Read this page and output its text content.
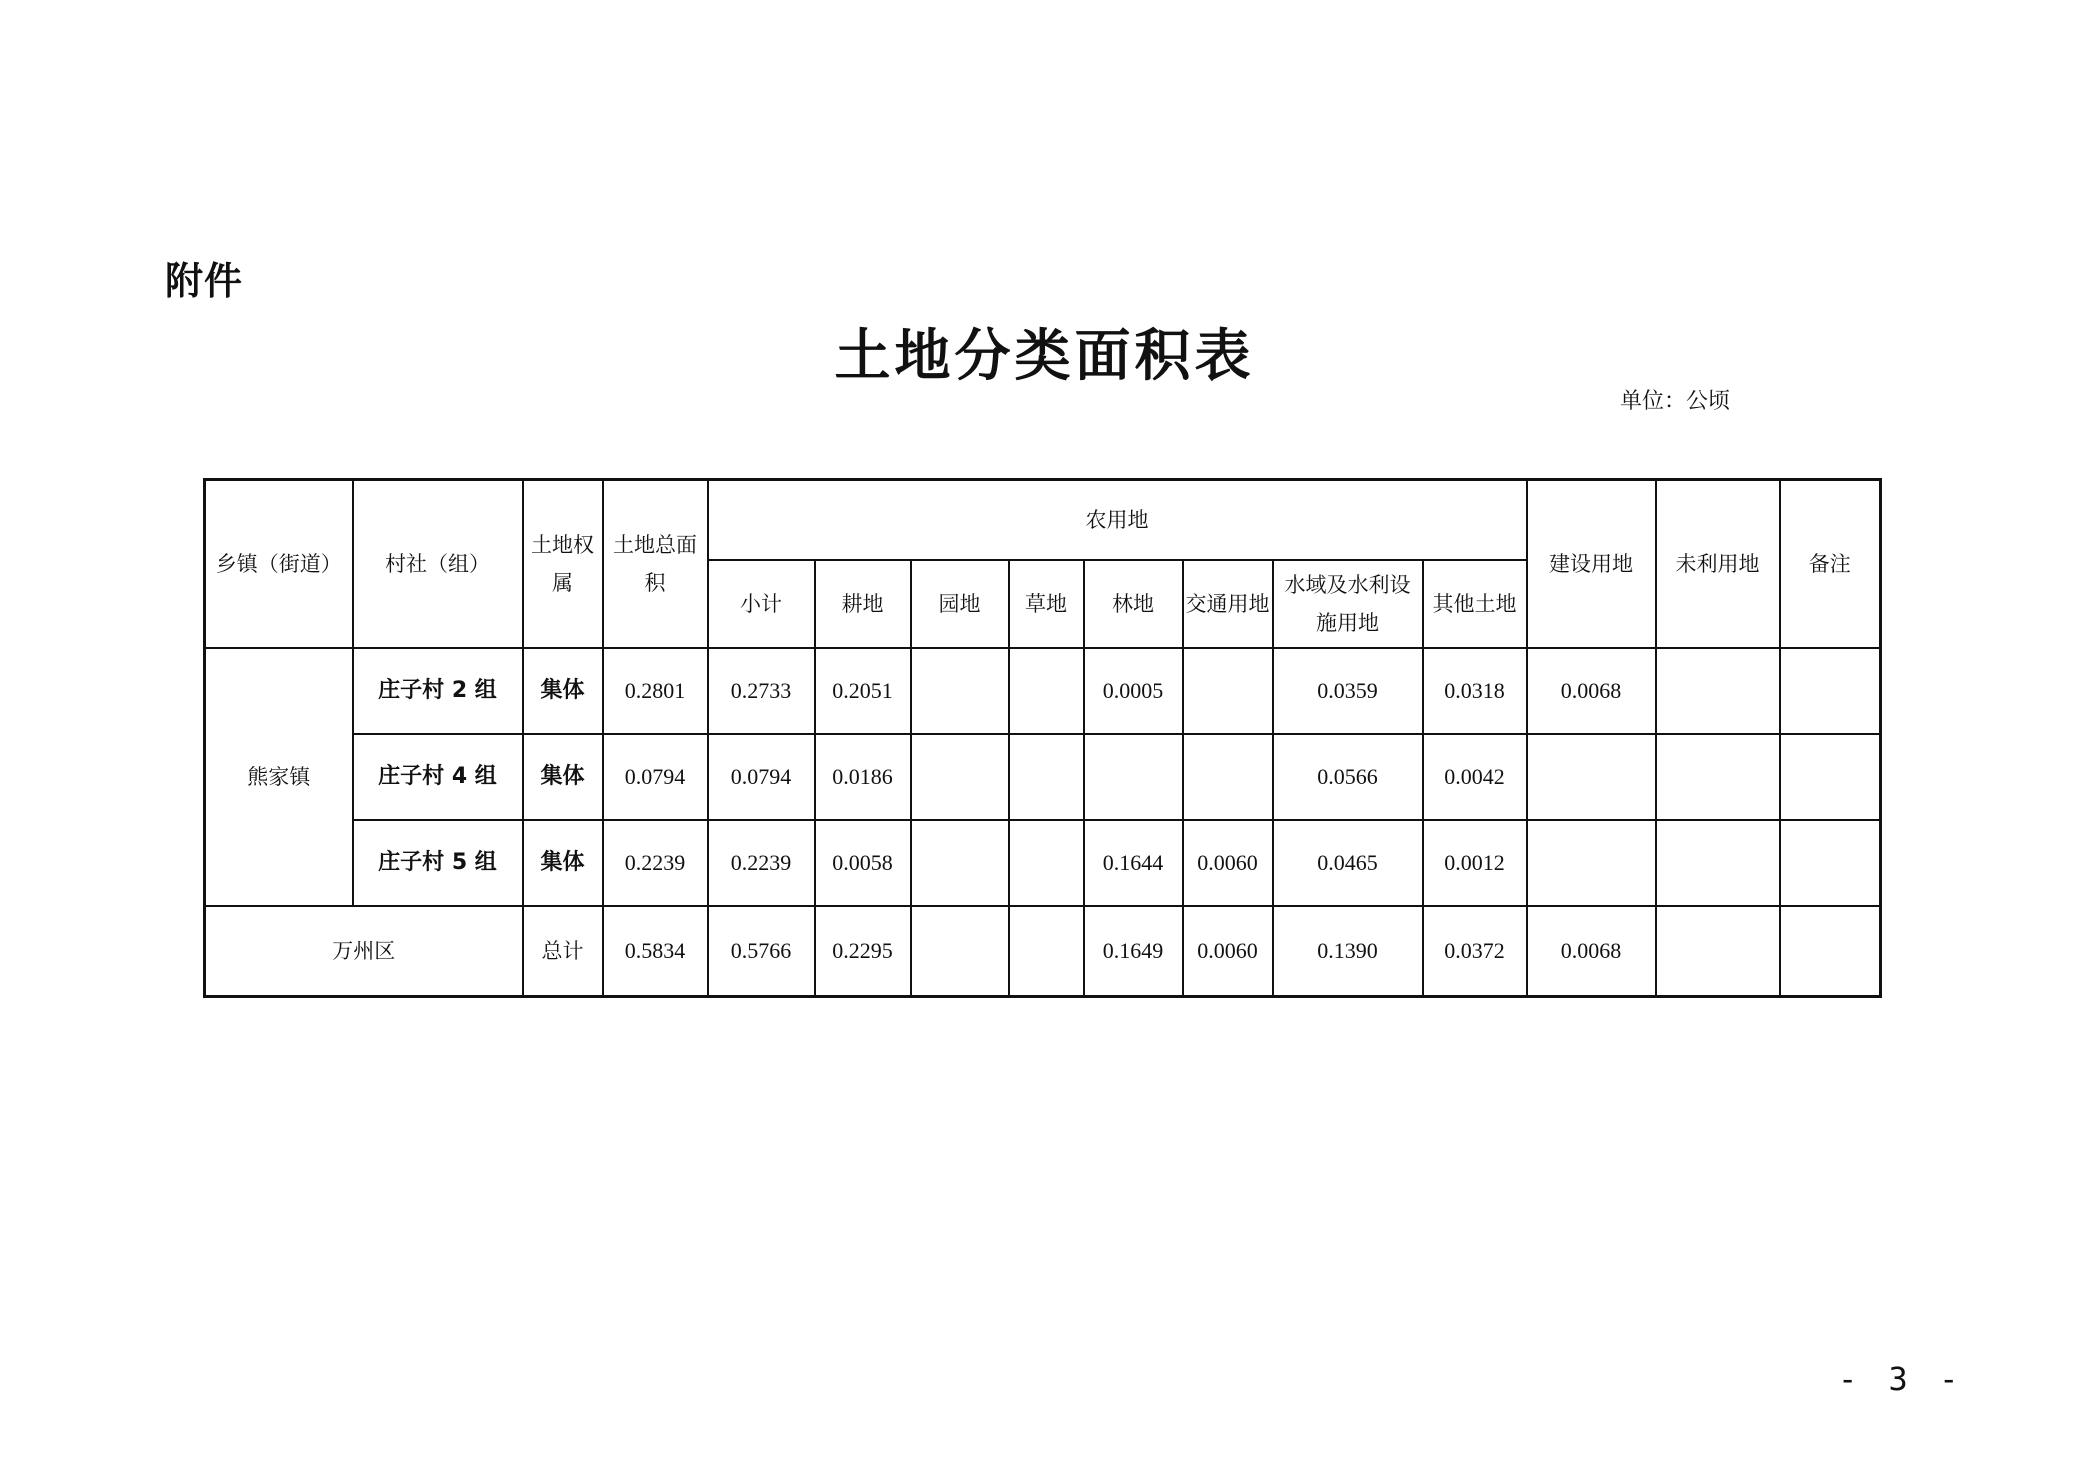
附件
土地分类面积表
单位：公顷
乡镇（街道）	村社（组）	土地权属	土地总面积	农用地								建设用地	未利用地	备注
				小计	耕地	园地	草地	林地	交通用地	水域及水利设施用地	其他土地			
熊家镇	庄子村 2 组	集体	0.2801	0.2733	0.2051			0.0005		0.0359	0.0318	0.0068		
	庄子村 4 组	集体	0.0794	0.0794	0.0186					0.0566	0.0042			
	庄子村 5 组	集体	0.2239	0.2239	0.0058			0.1644	0.0060	0.0465	0.0012			
万州区		总计	0.5834	0.5766	0.2295			0.1649	0.0060	0.1390	0.0372	0.0068		
- 3 -
